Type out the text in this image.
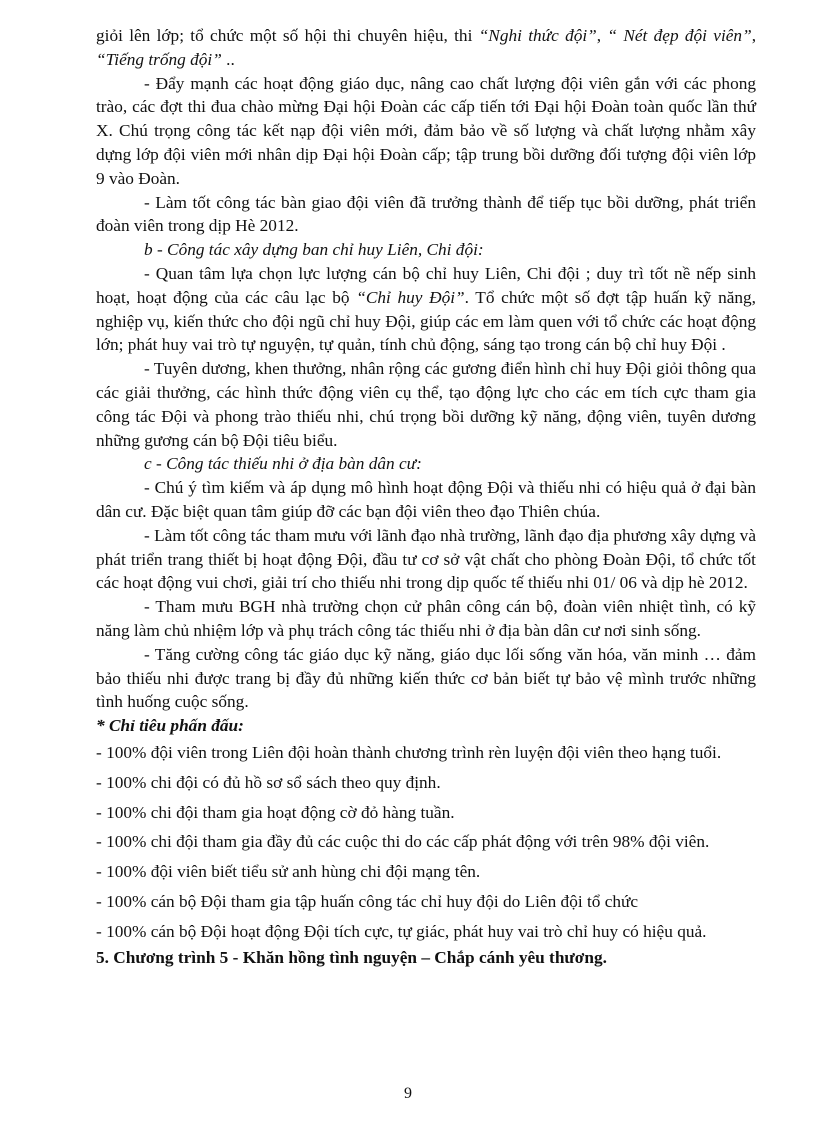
giỏi lên lớp; tổ chức một số hội thi chuyên hiệu, thi “Nghi thức đội”, “ Nét đẹp đội viên”, “Tiếng trống đội” ..

- Đẩy mạnh các hoạt động giáo dục, nâng cao chất lượng đội viên gắn với các phong trào, các đợt thi đua chào mừng Đại hội Đoàn các cấp tiến tới Đại hội Đoàn toàn quốc lần thứ X. Chú trọng công tác kết nạp đội viên mới, đảm bảo về số lượng và chất lượng nhằm xây dựng lớp đội viên mới nhân dịp Đại hội Đoàn cấp; tập trung bồi dưỡng đối tượng đội viên lớp 9 vào Đoàn.

- Làm tốt công tác bàn giao đội viên đã trưởng thành để tiếp tục bồi dưỡng, phát triển đoàn viên trong dịp Hè 2012.

b - Công tác xây dựng ban chỉ huy Liên, Chi đội:

- Quan tâm lựa chọn lực lượng cán bộ chỉ huy Liên, Chi đội ; duy trì tốt nề nếp sinh hoạt, hoạt động của các câu lạc bộ “Chỉ huy Đội”. Tổ chức một số đợt tập huấn kỹ năng, nghiệp vụ, kiến thức cho đội ngũ chỉ huy Đội, giúp các em làm quen với tổ chức các hoạt động lớn; phát huy vai trò tự nguyện, tự quản, tính chủ động, sáng tạo trong cán bộ chỉ huy Đội .

- Tuyên dương, khen thưởng, nhân rộng các gương điển hình chỉ huy Đội giỏi thông qua các giải thưởng, các hình thức động viên cụ thể, tạo động lực cho các em tích cực tham gia công tác Đội và phong trào thiếu nhi, chú trọng bồi dưỡng kỹ năng, động viên, tuyên dương những gương cán bộ Đội tiêu biểu.

c - Công tác thiếu nhi ở địa bàn dân cư:

- Chú ý tìm kiếm và áp dụng mô hình hoạt động Đội và thiếu nhi có hiệu quả ở đại bàn dân cư. Đặc biệt quan tâm giúp đỡ các bạn đội viên theo đạo Thiên chúa.

- Làm tốt công tác tham mưu với lãnh đạo nhà trường, lãnh đạo địa phương xây dựng và phát triển trang thiết bị hoạt động Đội, đầu tư cơ sở vật chất cho phòng Đoàn Đội, tổ chức tốt các hoạt động vui chơi, giải trí cho thiếu nhi trong dịp quốc tế thiếu nhi 01/ 06 và dịp hè 2012.

- Tham mưu BGH nhà trường chọn cử phân công cán bộ, đoàn viên nhiệt tình, có kỹ năng làm chủ nhiệm lớp và phụ trách công tác thiếu nhi ở địa bàn dân cư nơi sinh sống.

- Tăng cường công tác giáo dục kỹ năng, giáo dục lối sống văn hóa, văn minh … đảm bảo thiếu nhi được trang bị đầy đủ những kiến thức cơ bản biết tự bảo vệ mình trước những tình huống cuộc sống.

* Chỉ tiêu phấn đấu:

- 100% đội viên trong Liên đội hoàn thành chương trình rèn luyện đội viên theo hạng tuổi.

- 100% chi đội có đủ hồ sơ sổ sách theo quy định.

- 100% chi đội tham gia hoạt động cờ đỏ hàng tuần.

- 100% chi đội tham gia đầy đủ các cuộc thi do các cấp phát động với trên 98% đội viên.

- 100% đội viên biết tiểu sử anh hùng chi đội mạng tên.

- 100% cán bộ Đội tham gia tập huấn công tác chỉ huy đội do Liên đội tổ chức

- 100% cán bộ Đội hoạt động Đội tích cực, tự giác, phát huy vai trò chỉ huy có hiệu quả.

5. Chương trình 5 - Khăn hồng tình nguyện – Chắp cánh yêu thương.

9
